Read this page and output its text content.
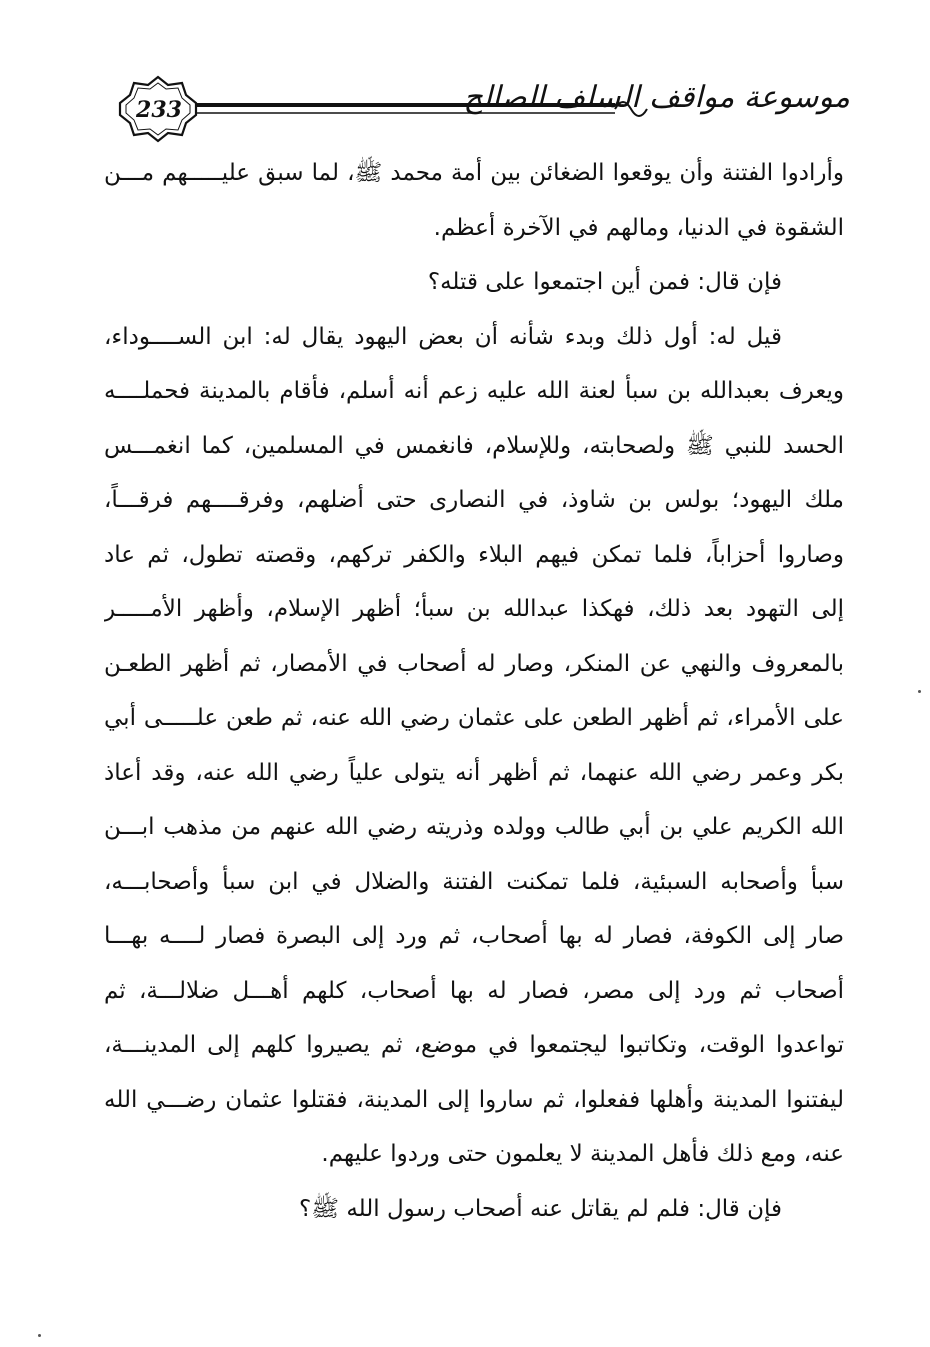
موسوعة مواقف السلف الصالح
233
وأرادوا الفتنة وأن يوقعوا الضغائن بين أمة محمد ﷺ، لما سبق عليـــــهم مـــن
الشقوة في الدنيا، ومالهم في الآخرة أعظم.
فإن قال: فمن أين اجتمعوا على قتله؟
قيل له: أول ذلك وبدء شأنه أن بعض اليهود يقال له: ابن الســــوداء،
ويعرف بعبدالله بن سبأ لعنة الله عليه زعم أنه أسلم، فأقام بالمدينة فحملــــه
الحسد للنبي ﷺ ولصحابته، وللإسلام، فانغمس في المسلمين، كما انغمـــس
ملك اليهود؛ بولس بن شاوذ، في النصارى حتى أضلهم، وفرقــــهم فرقـــاً،
وصاروا أحزاباً، فلما تمكن فيهم البلاء والكفر تركهم، وقصته تطول، ثم عاد
إلى التهود بعد ذلك، فهكذا عبدالله بن سبأ؛ أظهر الإسلام، وأظهر الأمـــــر
بالمعروف والنهي عن المنكر، وصار له أصحاب في الأمصار، ثم أظهر الطعـن
على الأمراء، ثم أظهر الطعن على عثمان رضي الله عنه، ثم طعن علـــــى أبي
بكر وعمر رضي الله عنهما، ثم أظهر أنه يتولى علياً رضي الله عنه، وقد أعاذ
الله الكريم علي بن أبي طالب وولده وذريته رضي الله عنهم من مذهب ابـــن
سبأ وأصحابه السبئية، فلما تمكنت الفتنة والضلال في ابن سبأ وأصحابـــه،
صار إلى الكوفة، فصار له بها أصحاب، ثم ورد إلى البصرة فصار لــــه بهـــا
أصحاب ثم ورد إلى مصر، فصار له بها أصحاب، كلهم أهـــل ضلالـــة، ثم
تواعدوا الوقت، وتكاتبوا ليجتمعوا في موضع، ثم يصيروا كلهم إلى المدينـــة،
ليفتنوا المدينة وأهلها ففعلوا، ثم ساروا إلى المدينة، فقتلوا عثمان رضـــي الله
عنه، ومع ذلك فأهل المدينة لا يعلمون حتى وردوا عليهم.
فإن قال: فلم لم يقاتل عنه أصحاب رسول الله ﷺ؟
